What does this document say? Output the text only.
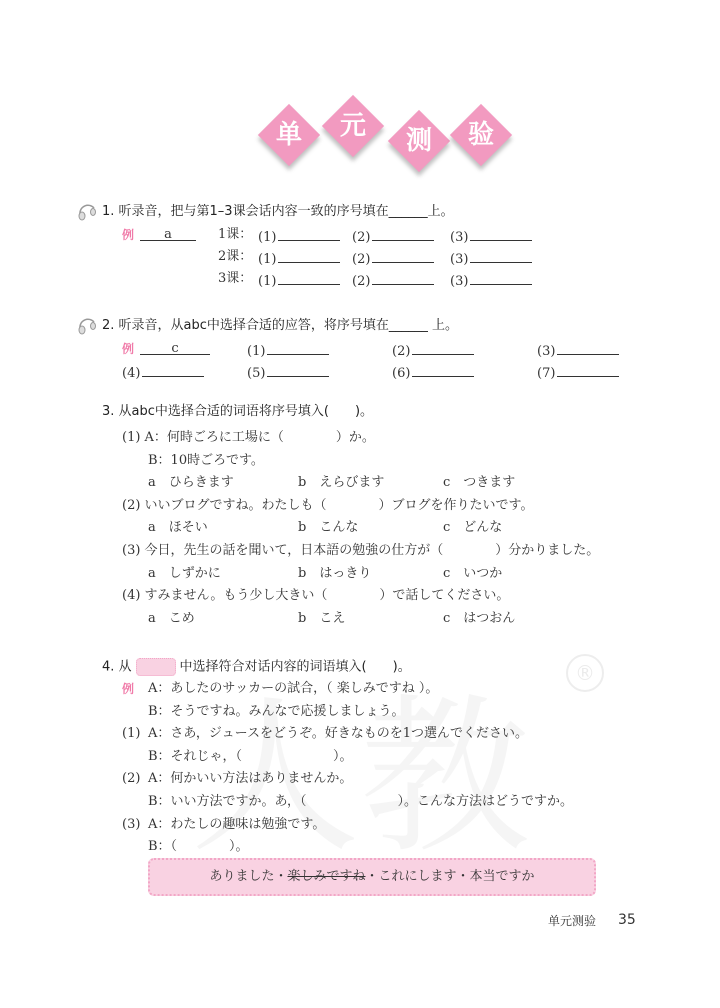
®
1. 听录音，把与第1–3课会话内容一致的序号填在______上。
例	a
2. 听录音，从abc中选择合适的应答，将序号填在______ 上。
例	c
3. 从abc中选择合适的词语将序号填入(　　)。
4. 从	中选择符合对话内容的词语填入(　　)。
例
ありました・楽しみですね・これにします・本当ですか
单元测验 35
单	元	测	验
1课： (1)	(2)	(3)
2课： (1)	(2)	(3)
3课： (1)	(2)	(3)
(1)	(2)	(3)
(4)	(5)	(6)	(7)
(1) A：何時ごろに工場に（　　　　）か。
B：10時ごろです。
a　ひらきます	b　えらびます	c　つきます
(2) いいブログですね。わたしも（　　　　）ブログを作りたいです。
a　ほそい	b　こんな	c　どんな
(3) 今日，先生の話を聞いて，日本語の勉強の仕方が（　　　　）分かりました。
a　しずかに	b　はっきり	c　いつか
(4) すみません。もう少し大きい（　　　　）で話してください。
a　こめ	b　こえ	c　はつおん
A：あしたのサッカーの試合，（ 楽しみですね ）。
B：そうですね。みんなで応援しましょう。
(1) A：さあ，ジュースをどうぞ。好きなものを1つ選んでください。
B：それじゃ，（　　　　　　　）。
(2) A：何かいい方法はありませんか。
B：いい方法ですか。あ，（　　　　　　　）。こんな方法はどうですか。
(3) A：わたしの趣味は勉強です。
B：（　　　　）。
